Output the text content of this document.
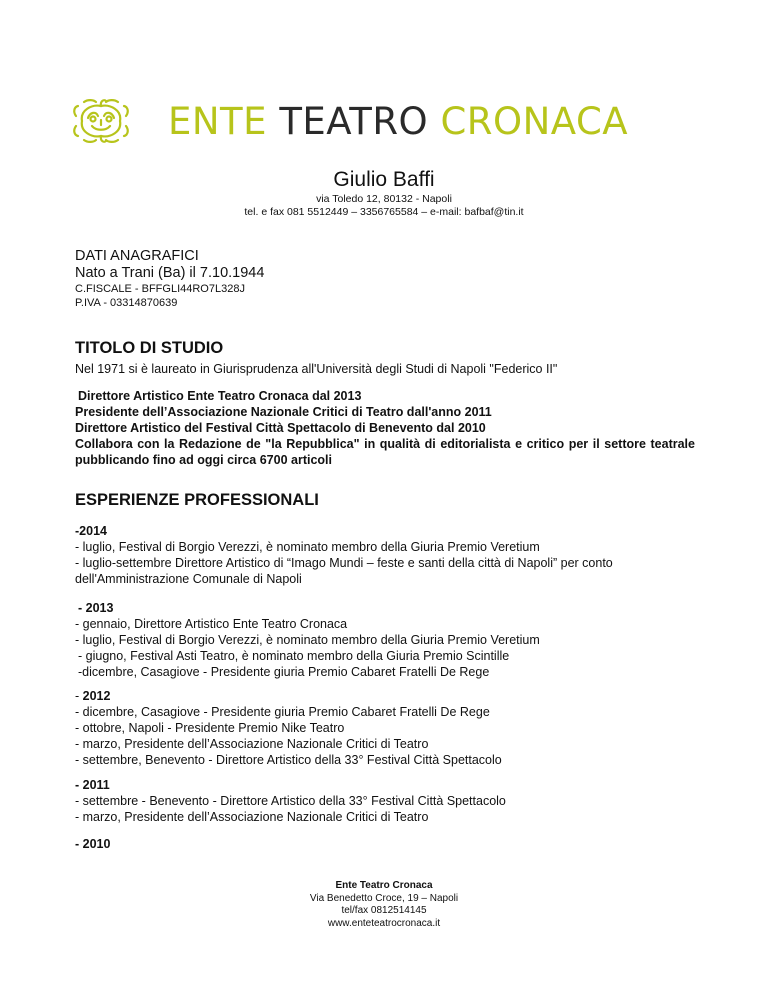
ENTE TEATRO CRONACA
Giulio Baffi
via Toledo 12, 80132 - Napoli
tel. e fax 081 5512449 – 3356765584 – e-mail: bafbaf@tin.it
DATI ANAGRAFICI
Nato a Trani (Ba) il 7.10.1944
C.FISCALE - BFFGLI44RO7L328J
P.IVA - 03314870639
TITOLO DI STUDIO
Nel 1971 si è laureato in Giurisprudenza all'Università degli Studi di Napoli "Federico II"
Direttore Artistico Ente Teatro Cronaca dal 2013
Presidente dell’Associazione Nazionale Critici di Teatro dall'anno 2011
Direttore Artistico del Festival Città Spettacolo di Benevento dal 2010
Collabora con la Redazione de "la Repubblica" in qualità di editorialista e critico per il settore teatrale pubblicando fino ad oggi circa 6700 articoli
ESPERIENZE PROFESSIONALI
-2014
- luglio, Festival di Borgio Verezzi, è nominato membro della Giuria Premio Veretium
- luglio-settembre Direttore Artistico di “Imago Mundi – feste e santi della città di Napoli” per conto dell'Amministrazione Comunale di Napoli
- 2013
- gennaio, Direttore Artistico Ente Teatro Cronaca
- luglio, Festival di Borgio Verezzi, è nominato membro della Giuria Premio Veretium
- giugno, Festival Asti Teatro, è nominato membro della Giuria Premio Scintille
-dicembre, Casagiove - Presidente giuria Premio Cabaret Fratelli De Rege
- 2012
- dicembre, Casagiove - Presidente giuria Premio Cabaret Fratelli De Rege
- ottobre, Napoli - Presidente Premio Nike Teatro
- marzo, Presidente dell’Associazione Nazionale Critici di Teatro
- settembre, Benevento - Direttore Artistico della 33° Festival Città Spettacolo
- 2011
- settembre - Benevento - Direttore Artistico della 33° Festival Città Spettacolo
- marzo, Presidente dell’Associazione Nazionale Critici di Teatro
- 2010
Ente Teatro Cronaca
Via Benedetto Croce, 19 – Napoli
tel/fax 0812514145
www.enteteatrocronaca.it
